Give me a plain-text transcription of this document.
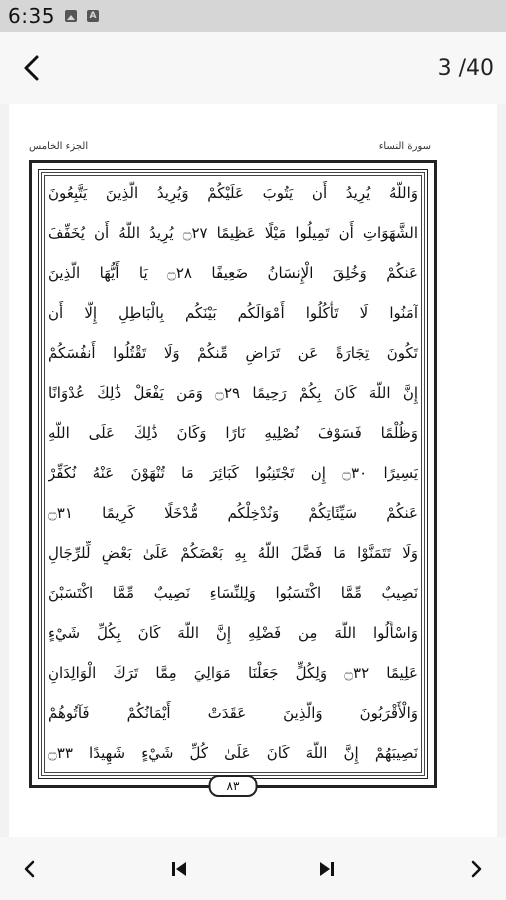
6:35	A
3 /40
الجزء الخامس	سورة النساء
وَاللَّهُ يُرِيدُ أَن يَتُوبَ عَلَيْكُمْ وَيُرِيدُ الَّذِينَ يَتَّبِعُونَ
الشَّهَوَاتِ أَن تَمِيلُوا مَيْلًا عَظِيمًا ۝٢٧ يُرِيدُ اللَّهُ أَن يُخَفِّفَ
عَنكُمْ وَخُلِقَ الْإِنسَانُ ضَعِيفًا ۝٢٨ يَا أَيُّهَا الَّذِينَ
آمَنُوا لَا تَأْكُلُوا أَمْوَالَكُم بَيْنَكُم بِالْبَاطِلِ إِلَّا أَن
تَكُونَ تِجَارَةً عَن تَرَاضٍ مِّنكُمْ وَلَا تَقْتُلُوا أَنفُسَكُمْ
إِنَّ اللَّهَ كَانَ بِكُمْ رَحِيمًا ۝٢٩ وَمَن يَفْعَلْ ذَٰلِكَ عُدْوَانًا
وَظُلْمًا فَسَوْفَ نُصْلِيهِ نَارًا وَكَانَ ذَٰلِكَ عَلَى اللَّهِ
يَسِيرًا ۝٣٠ إِن تَجْتَنِبُوا كَبَائِرَ مَا تُنْهَوْنَ عَنْهُ نُكَفِّرْ
عَنكُمْ سَيِّئَاتِكُمْ وَنُدْخِلْكُم مُّدْخَلًا كَرِيمًا ۝٣١
وَلَا تَتَمَنَّوْا مَا فَضَّلَ اللَّهُ بِهِ بَعْضَكُمْ عَلَىٰ بَعْضٍ لِّلرِّجَالِ
نَصِيبٌ مِّمَّا اكْتَسَبُوا وَلِلنِّسَاءِ نَصِيبٌ مِّمَّا اكْتَسَبْنَ
وَاسْأَلُوا اللَّهَ مِن فَضْلِهِ إِنَّ اللَّهَ كَانَ بِكُلِّ شَيْءٍ
عَلِيمًا ۝٣٢ وَلِكُلٍّ جَعَلْنَا مَوَالِيَ مِمَّا تَرَكَ الْوَالِدَانِ
وَالْأَقْرَبُونَ وَالَّذِينَ عَقَدَتْ أَيْمَانُكُمْ فَآتُوهُمْ
نَصِيبَهُمْ إِنَّ اللَّهَ كَانَ عَلَىٰ كُلِّ شَيْءٍ شَهِيدًا ۝٣٣
٨٣
